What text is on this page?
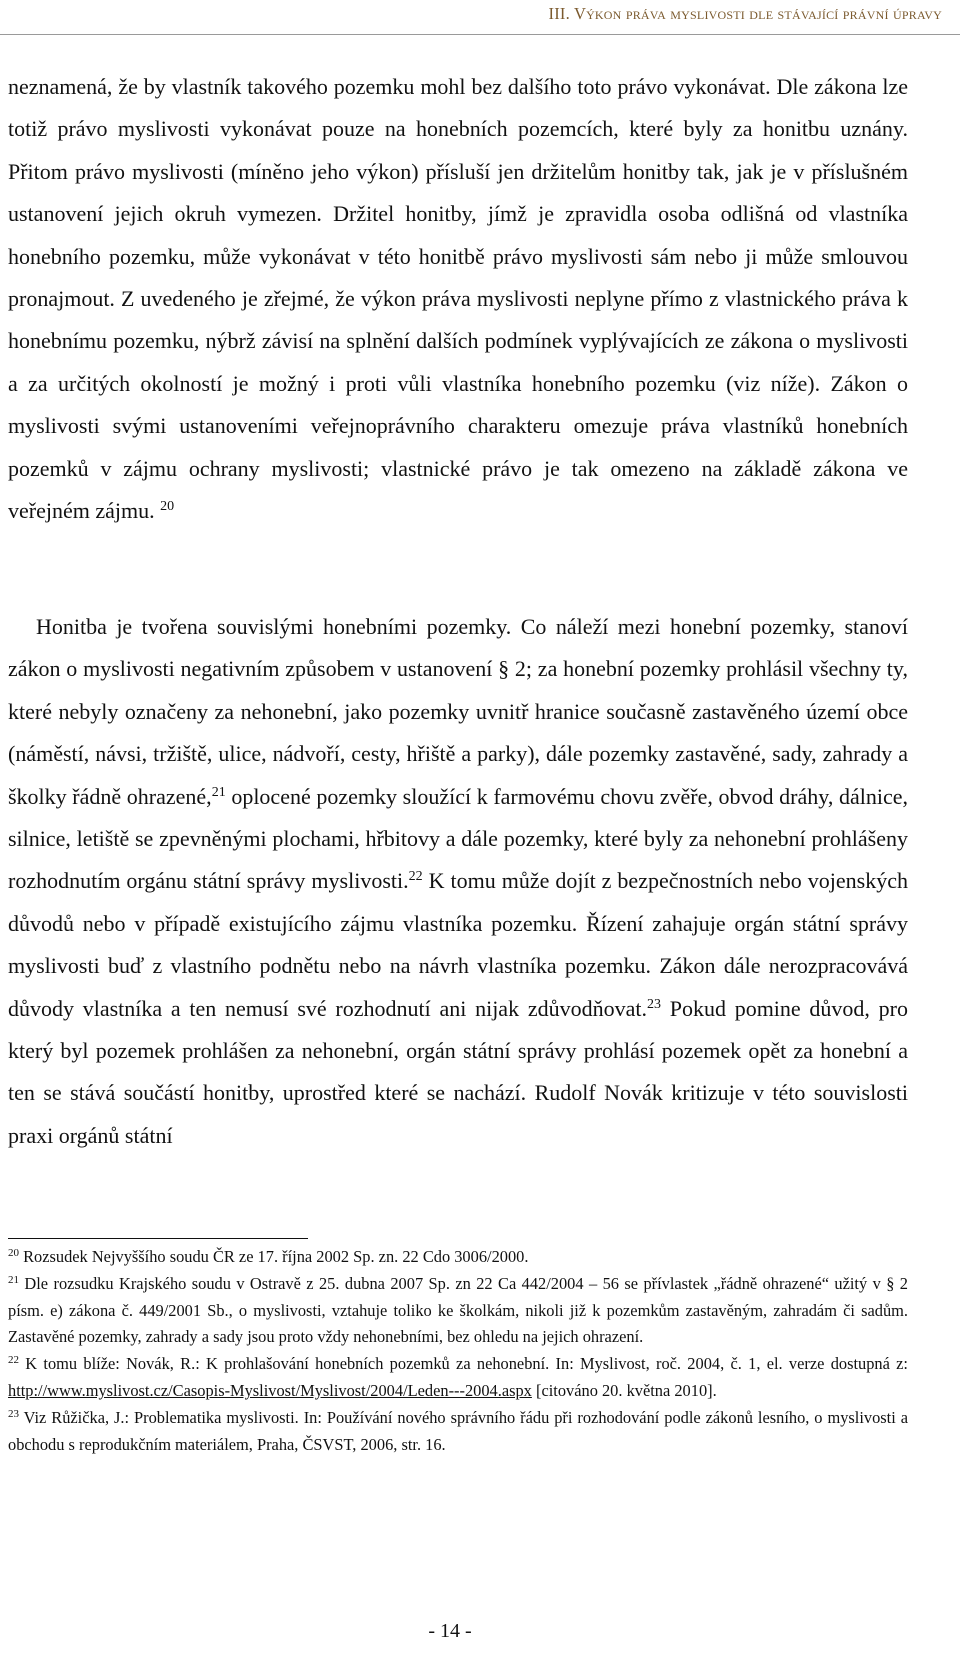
III. Výkon práva myslivosti dle stávající právní úpravy

neznamená, že by vlastník takového pozemku mohl bez dalšího toto právo vykonávat. Dle zákona lze totiž právo myslivosti vykonávat pouze na honebních pozemcích, které byly za honitbu uznány. Přitom právo myslivosti (míněno jeho výkon) přísluší jen držitelům honitby tak, jak je v příslušném ustanovení jejich okruh vymezen. Držitel honitby, jímž je zpravidla osoba odlišná od vlastníka honebního pozemku, může vykonávat v této honitbě právo myslivosti sám nebo ji může smlouvou pronajmout. Z uvedeného je zřejmé, že výkon práva myslivosti neplyne přímo z vlastnického práva k honebnímu pozemku, nýbrž závisí na splnění dalších podmínek vyplývajících ze zákona o myslivosti a za určitých okolností je možný i proti vůli vlastníka honebního pozemku (viz níže). Zákon o myslivosti svými ustanoveními veřejnoprávního charakteru omezuje práva vlastníků honebních pozemků v zájmu ochrany myslivosti; vlastnické právo je tak omezeno na základě zákona ve veřejném zájmu. $^{20}$

Honitba je tvořena souvislými honebními pozemky. Co náleží mezi honební pozemky, stanoví zákon o myslivosti negativním způsobem v ustanovení § 2; za honební pozemky prohlásil všechny ty, které nebyly označeny za nehonební, jako pozemky uvnitř hranice současně zastavěného území obce (náměstí, návsi, tržiště, ulice, nádvoří, cesty, hřiště a parky), dále pozemky zastavěné, sady, zahrady a školky řádně ohrazené,$^{21}$ oplocené pozemky sloužící k farmovému chovu zvěře, obvod dráhy, dálnice, silnice, letiště se zpevněnými plochami, hřbitovy a dále pozemky, které byly za nehonební prohlášeny rozhodnutím orgánu státní správy myslivosti.$^{22}$ K tomu může dojít z bezpečnostních nebo vojenských důvodů nebo v případě existujícího zájmu vlastníka pozemku. Řízení zahajuje orgán státní správy myslivosti buď z vlastního podnětu nebo na návrh vlastníka pozemku. Zákon dále nerozpracovává důvody vlastníka a ten nemusí své rozhodnutí ani nijak zdůvodňovat.$^{23}$ Pokud pomine důvod, pro který byl pozemek prohlášen za nehonební, orgán státní správy prohlásí pozemek opět za honební a ten se stává součástí honitby, uprostřed které se nachází. Rudolf Novák kritizuje v této souvislosti praxi orgánů státní

$^{20}$ Rozsudek Nejvyššího soudu ČR ze 17. října 2002 Sp. zn. 22 Cdo 3006/2000.

$^{21}$ Dle rozsudku Krajského soudu v Ostravě z 25. dubna 2007 Sp. zn 22 Ca 442/2004 – 56 se přívlastek „řádně ohrazené“ užitý v § 2 písm. e) zákona č. 449/2001 Sb., o myslivosti, vztahuje toliko ke školkám, nikoli již k pozemkům zastavěným, zahradám či sadům. Zastavěné pozemky, zahrady a sady jsou proto vždy nehonebními, bez ohledu na jejich ohrazení.

$^{22}$ K tomu blíže: Novák, R.: K prohlašování honebních pozemků za nehonební. In: Myslivost, roč. 2004, č. 1, el. verze dostupná z: http://www.myslivost.cz/Casopis-Myslivost/Myslivost/2004/Leden---2004.aspx [citováno 20. května 2010].

$^{23}$ Viz Růžička, J.: Problematika myslivosti. In: Používání nového správního řádu při rozhodování podle zákonů lesního, o myslivosti a obchodu s reprodukčním materiálem, Praha, ČSVST, 2006, str. 16.

- 14 -
